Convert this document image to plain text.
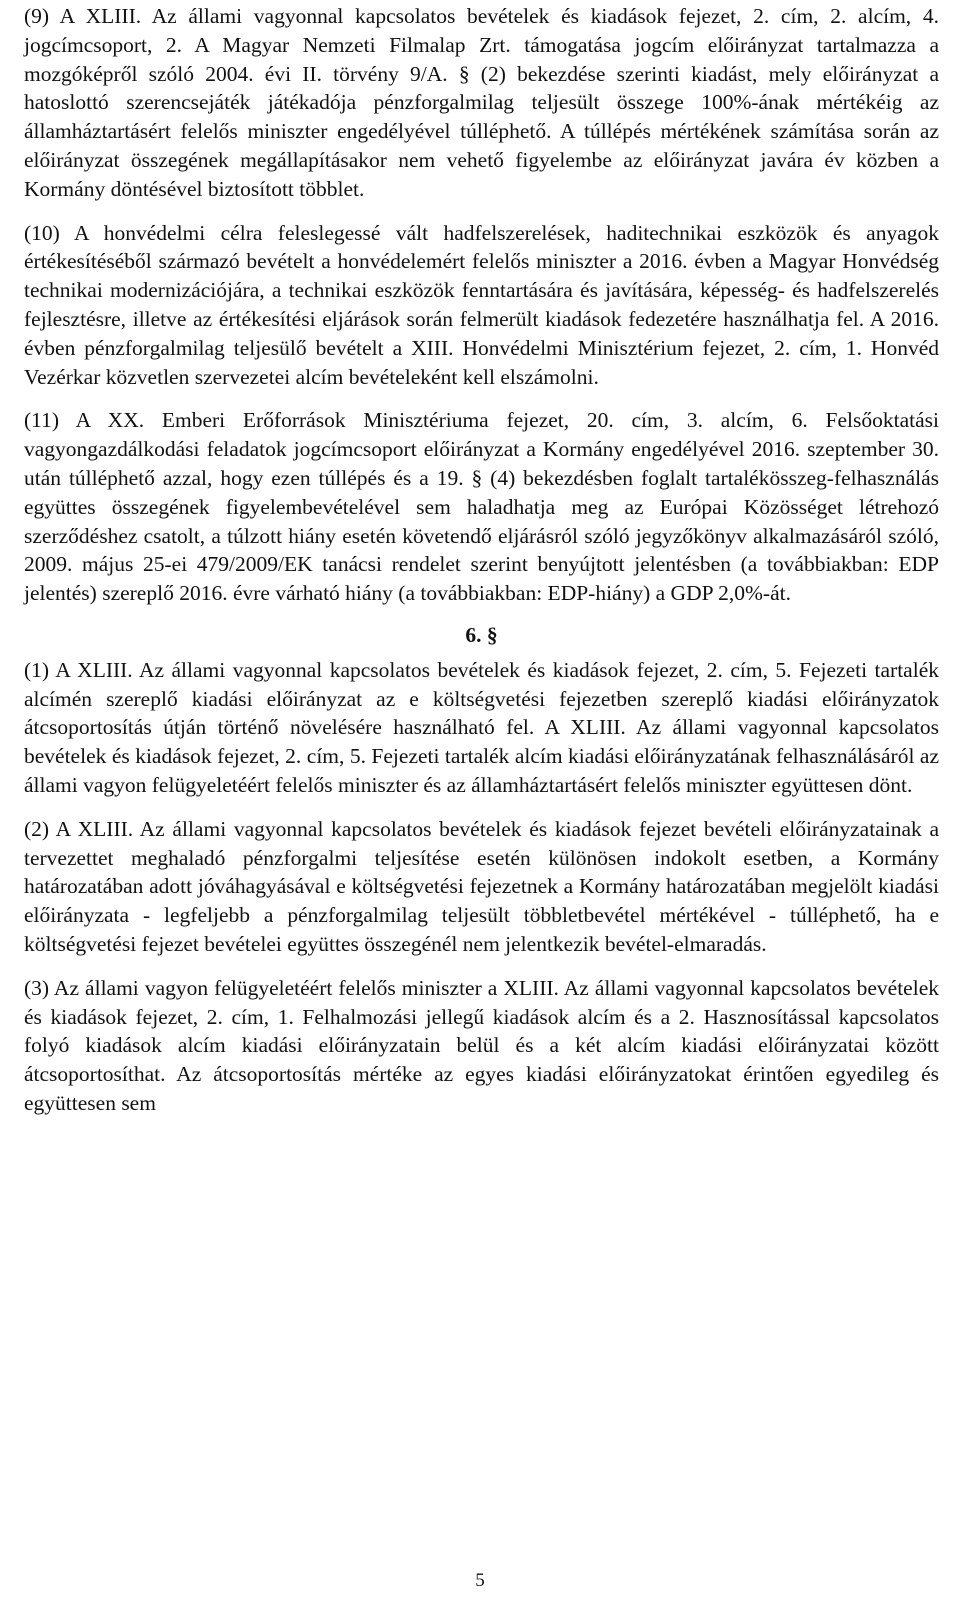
(9) A XLIII. Az állami vagyonnal kapcsolatos bevételek és kiadások fejezet, 2. cím, 2. alcím, 4. jogcímcsoport, 2. A Magyar Nemzeti Filmalap Zrt. támogatása jogcím előirányzat tartalmazza a mozgóképről szóló 2004. évi II. törvény 9/A. § (2) bekezdése szerinti kiadást, mely előirányzat a hatoslottó szerencsejáték játékadója pénzforgalmilag teljesült összege 100%-ának mértékéig az államháztartásért felelős miniszter engedélyével túlléphető. A túllépés mértékének számítása során az előirányzat összegének megállapításakor nem vehető figyelembe az előirányzat javára év közben a Kormány döntésével biztosított többlet.

(10) A honvédelmi célra feleslegessé vált hadfelszerelések, haditechnikai eszközök és anyagok értékesítéséből származó bevételt a honvédelemért felelős miniszter a 2016. évben a Magyar Honvédség technikai modernizációjára, a technikai eszközök fenntartására és javítására, képesség- és hadfelszerelés fejlesztésre, illetve az értékesítési eljárások során felmerült kiadások fedezetére használhatja fel. A 2016. évben pénzforgalmilag teljesülő bevételt a XIII. Honvédelmi Minisztérium fejezet, 2. cím, 1. Honvéd Vezérkar közvetlen szervezetei alcím bevételeként kell elszámolni.

(11) A XX. Emberi Erőforrások Minisztériuma fejezet, 20. cím, 3. alcím, 6. Felsőoktatási vagyongazdálkodási feladatok jogcímcsoport előirányzat a Kormány engedélyével 2016. szeptember 30. után túlléphető azzal, hogy ezen túllépés és a 19. § (4) bekezdésben foglalt tartalékösszeg-felhasználás együttes összegének figyelembevételével sem haladhatja meg az Európai Közösséget létrehozó szerződéshez csatolt, a túlzott hiány esetén követendő eljárásról szóló jegyzőkönyv alkalmazásáról szóló, 2009. május 25-ei 479/2009/EK tanácsi rendelet szerint benyújtott jelentésben (a továbbiakban: EDP jelentés) szereplő 2016. évre várható hiány (a továbbiakban: EDP-hiány) a GDP 2,0%-át.

6. §

(1) A XLIII. Az állami vagyonnal kapcsolatos bevételek és kiadások fejezet, 2. cím, 5. Fejezeti tartalék alcímén szereplő kiadási előirányzat az e költségvetési fejezetben szereplő kiadási előirányzatok átcsoportosítás útján történő növelésére használható fel. A XLIII. Az állami vagyonnal kapcsolatos bevételek és kiadások fejezet, 2. cím, 5. Fejezeti tartalék alcím kiadási előirányzatának felhasználásáról az állami vagyon felügyeletéért felelős miniszter és az államháztartásért felelős miniszter együttesen dönt.

(2) A XLIII. Az állami vagyonnal kapcsolatos bevételek és kiadások fejezet bevételi előirányzatainak a tervezettet meghaladó pénzforgalmi teljesítése esetén különösen indokolt esetben, a Kormány határozatában adott jóváhagyásával e költségvetési fejezetnek a Kormány határozatában megjelölt kiadási előirányzata - legfeljebb a pénzforgalmilag teljesült többletbevétel mértékével - túlléphető, ha e költségvetési fejezet bevételei együttes összegénél nem jelentkezik bevétel-elmaradás.

(3) Az állami vagyon felügyeletéért felelős miniszter a XLIII. Az állami vagyonnal kapcsolatos bevételek és kiadások fejezet, 2. cím, 1. Felhalmozási jellegű kiadások alcím és a 2. Hasznosítással kapcsolatos folyó kiadások alcím kiadási előirányzatain belül és a két alcím kiadási előirányzatai között átcsoportosíthat. Az átcsoportosítás mértéke az egyes kiadási előirányzatokat érintően egyedileg és együttesen sem

5
